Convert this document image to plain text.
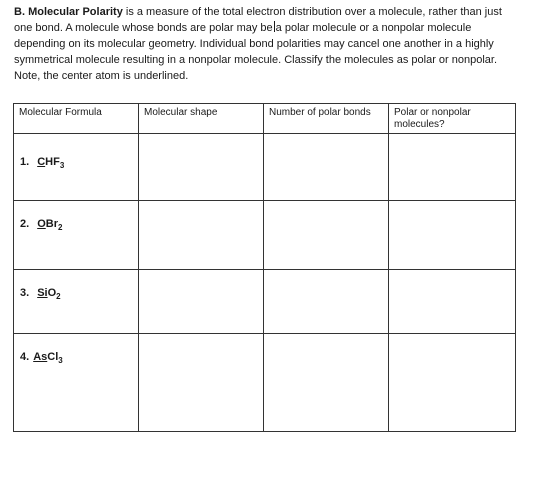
B. Molecular Polarity is a measure of the total electron distribution over a molecule, rather than just one bond. A molecule whose bonds are polar may be a polar molecule or a nonpolar molecule depending on its molecular geometry. Individual bond polarities may cancel one another in a highly symmetrical molecule resulting in a nonpolar molecule. Classify the molecules as polar or nonpolar. Note, the center atom is underlined.

Molecular Formula	Molecular shape	Number of polar bonds	Polar or nonpolar molecules?

1. $CHF_3$

2. OBr$_2$

3. SiO$_2$

4. AsCl$_3$
